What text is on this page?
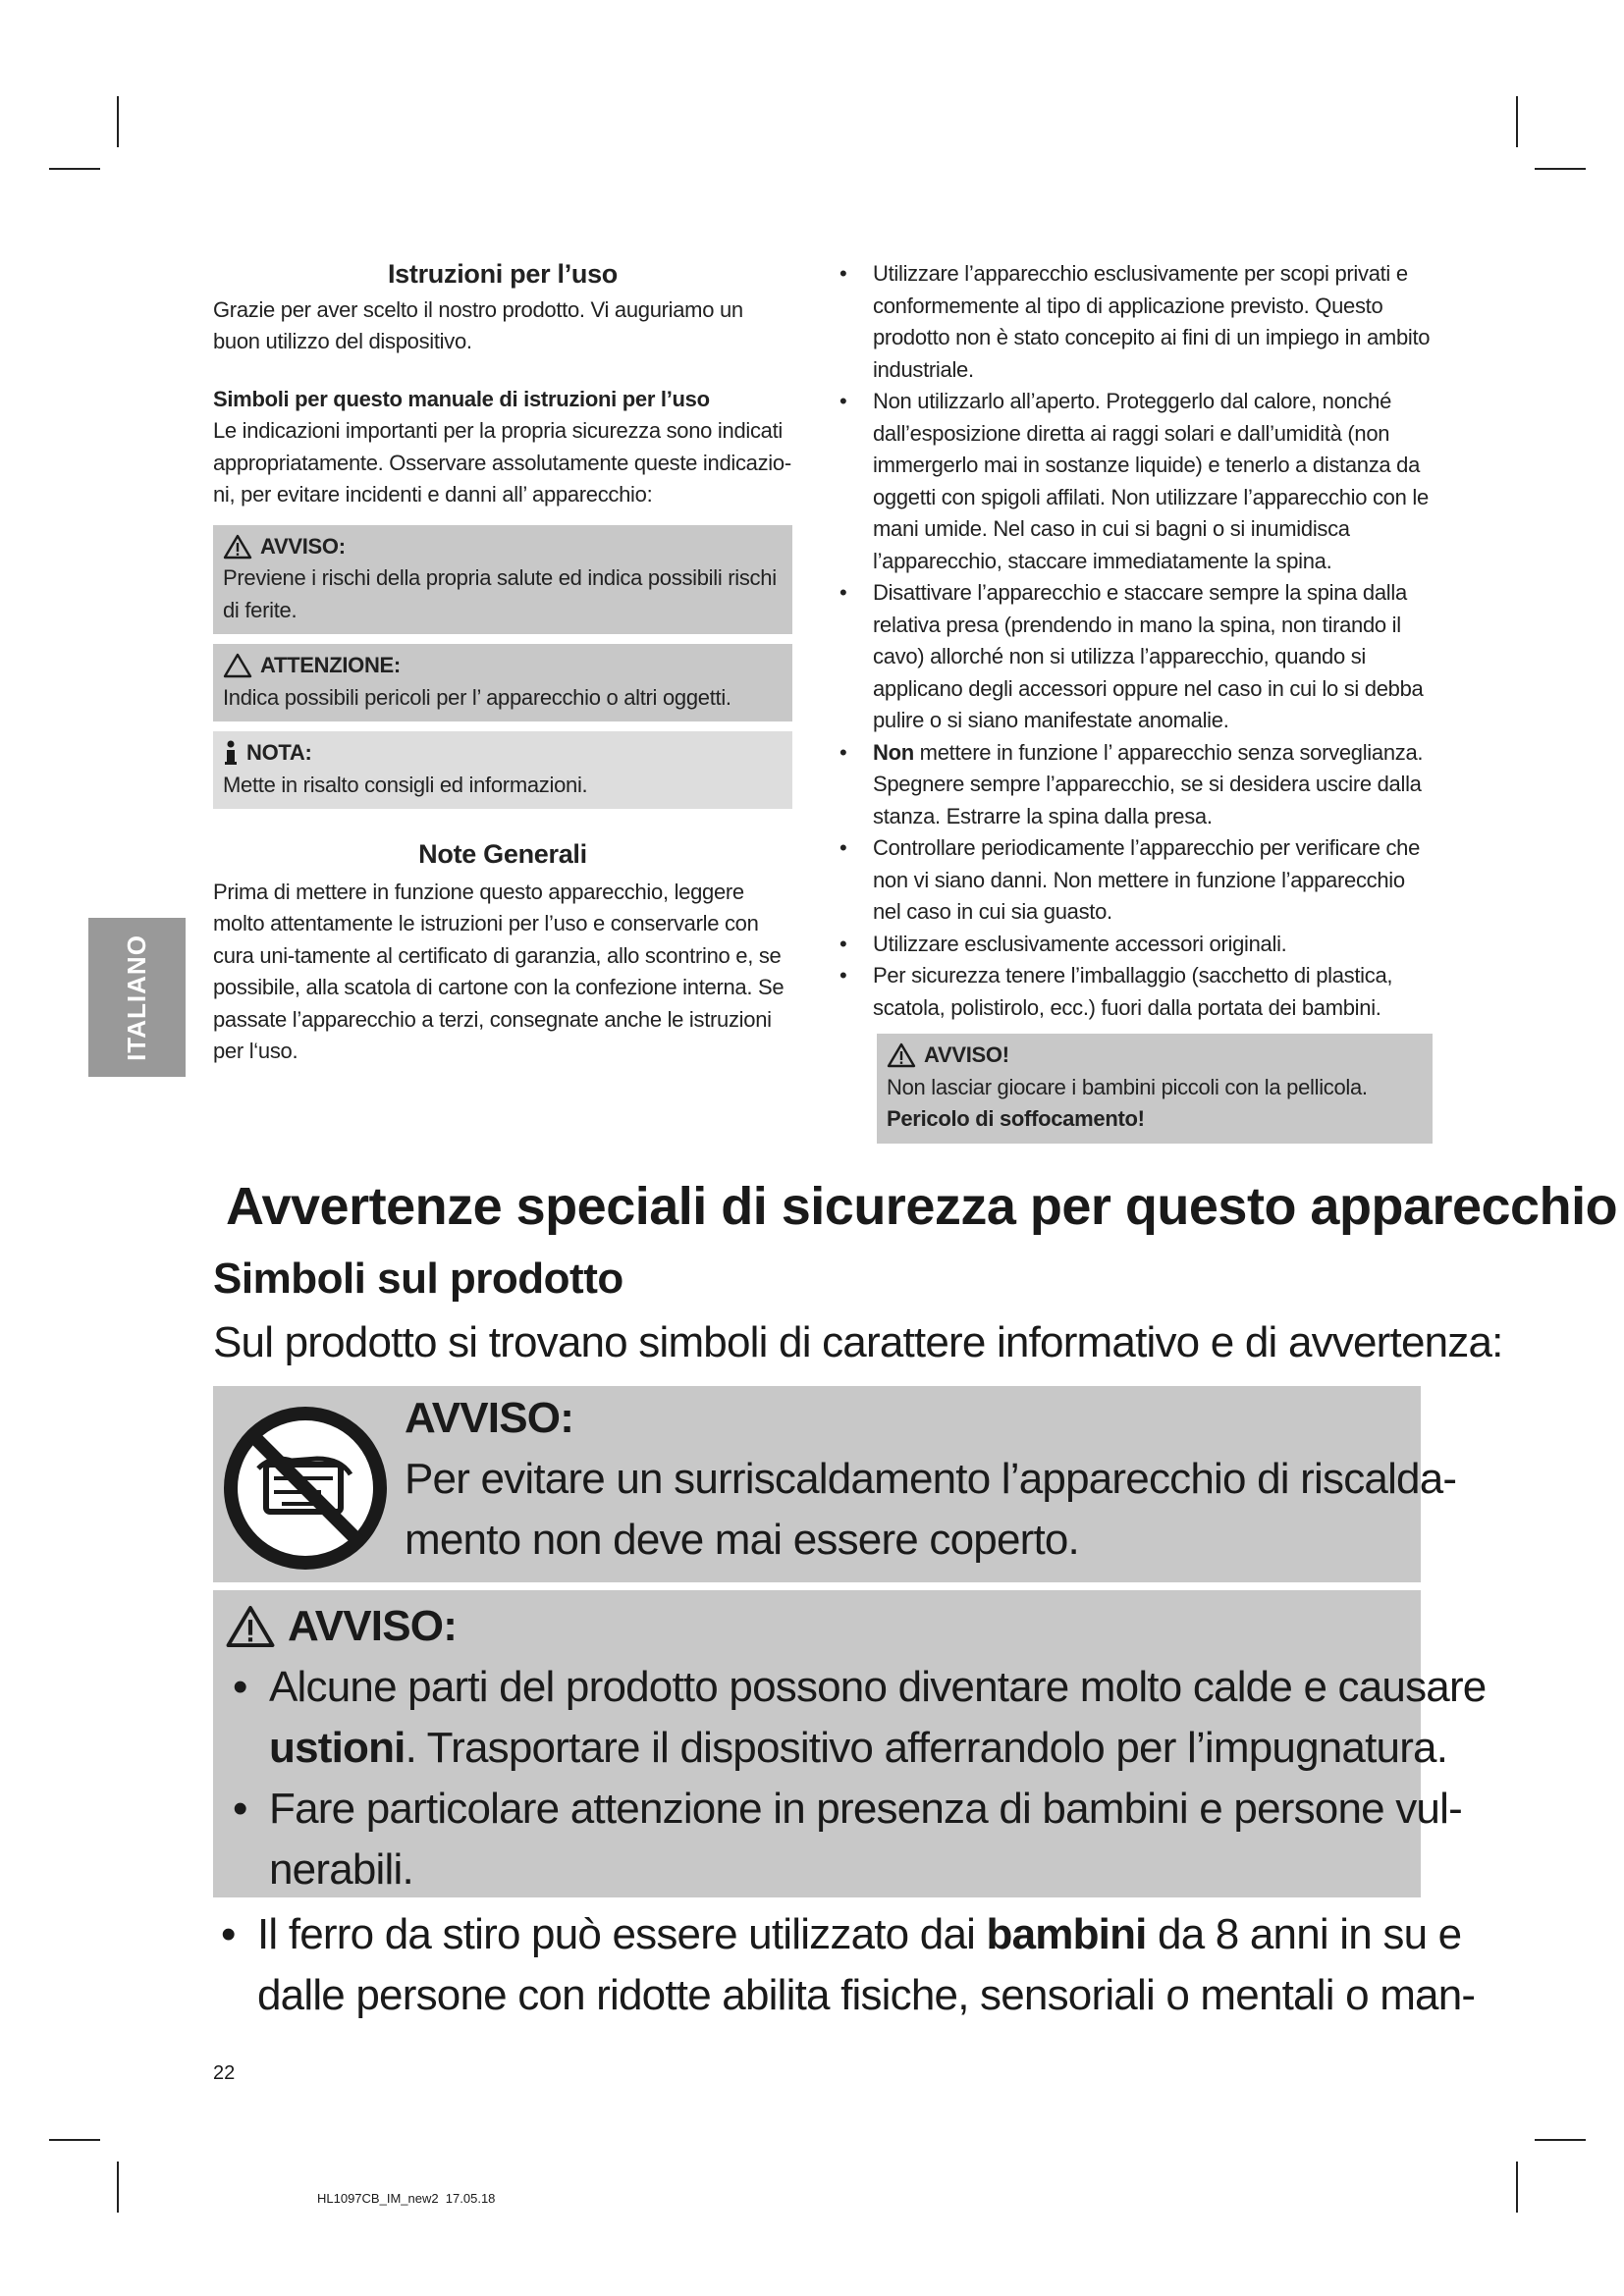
ITALIANO
Istruzioni per l’uso

Grazie per aver scelto il nostro prodotto. Vi auguriamo un buon utilizzo del dispositivo.

Simboli per questo manuale di istruzioni per l’uso

Le indicazioni importanti per la propria sicurezza sono indicati appropriatamente. Osservare assolutamente queste indicazio-ni, per evitare incidenti e danni all’ apparecchio:

AVVISO:

Previene i rischi della propria salute ed indica possibili rischi di ferite.

ATTENZIONE:

Indica possibili pericoli per l’ apparecchio o altri oggetti.

NOTA:

Mette in risalto consigli ed informazioni.

Note Generali

Prima di mettere in funzione questo apparecchio, leggere molto attentamente le istruzioni per l’uso e conservarle con cura uni-tamente al certificato di garanzia, allo scontrino e, se possibile, alla scatola di cartone con la confezione interna. Se passate l’apparecchio a terzi, consegnate anche le istruzioni per l‘uso.

• Utilizzare l’apparecchio esclusivamente per scopi privati e conformemente al tipo di applicazione previsto. Questo prodotto non è stato concepito ai fini di un impiego in ambito industriale.
• Non utilizzarlo all’aperto. Proteggerlo dal calore, nonché dall’esposizione diretta ai raggi solari e dall’umidità (non immergerlo mai in sostanze liquide) e tenerlo a distanza da oggetti con spigoli affilati. Non utilizzare l’apparecchio con le mani umide. Nel caso in cui si bagni o si inumidisca l’apparecchio, staccare immediatamente la spina.
• Disattivare l’apparecchio e staccare sempre la spina dalla relativa presa (prendendo in mano la spina, non tirando il cavo) allorché non si utilizza l’apparecchio, quando si applicano degli accessori oppure nel caso in cui lo si debba pulire o si siano manifestate anomalie.
• Non mettere in funzione l’ apparecchio senza sorveglianza. Spegnere sempre l’apparecchio, se si desidera uscire dalla stanza. Estrarre la spina dalla presa.
• Controllare periodicamente l’apparecchio per verificare che non vi siano danni. Non mettere in funzione l’apparecchio nel caso in cui sia guasto.
• Utilizzare esclusivamente accessori originali.
• Per sicurezza tenere l’imballaggio (sacchetto di plastica, scatola, polistirolo, ecc.) fuori dalla portata dei bambini.
AVVISO!

Non lasciar giocare i bambini piccoli con la pellicola.

Pericolo di soffocamento!

Avvertenze speciali di sicurezza per questo apparecchio
Simboli sul prodotto
Sul prodotto si trovano simboli di carattere informativo e di avvertenza:
AVVISO:
Per evitare un surriscaldamento l’apparecchio di riscalda-
mento non deve mai essere coperto.
AVVISO:
• Alcune parti del prodotto possono diventare molto calde e causare
ustioni. Trasportare il dispositivo afferrandolo per l’impugnatura.
• Fare particolare attenzione in presenza di bambini e persone vul-
nerabili.
• Il ferro da stiro può essere utilizzato dai bambini da 8 anni in su e
dalle persone con ridotte abilita fisiche, sensoriali o mentali o man-
22
HL1097CB_IM_new2  17.05.18
